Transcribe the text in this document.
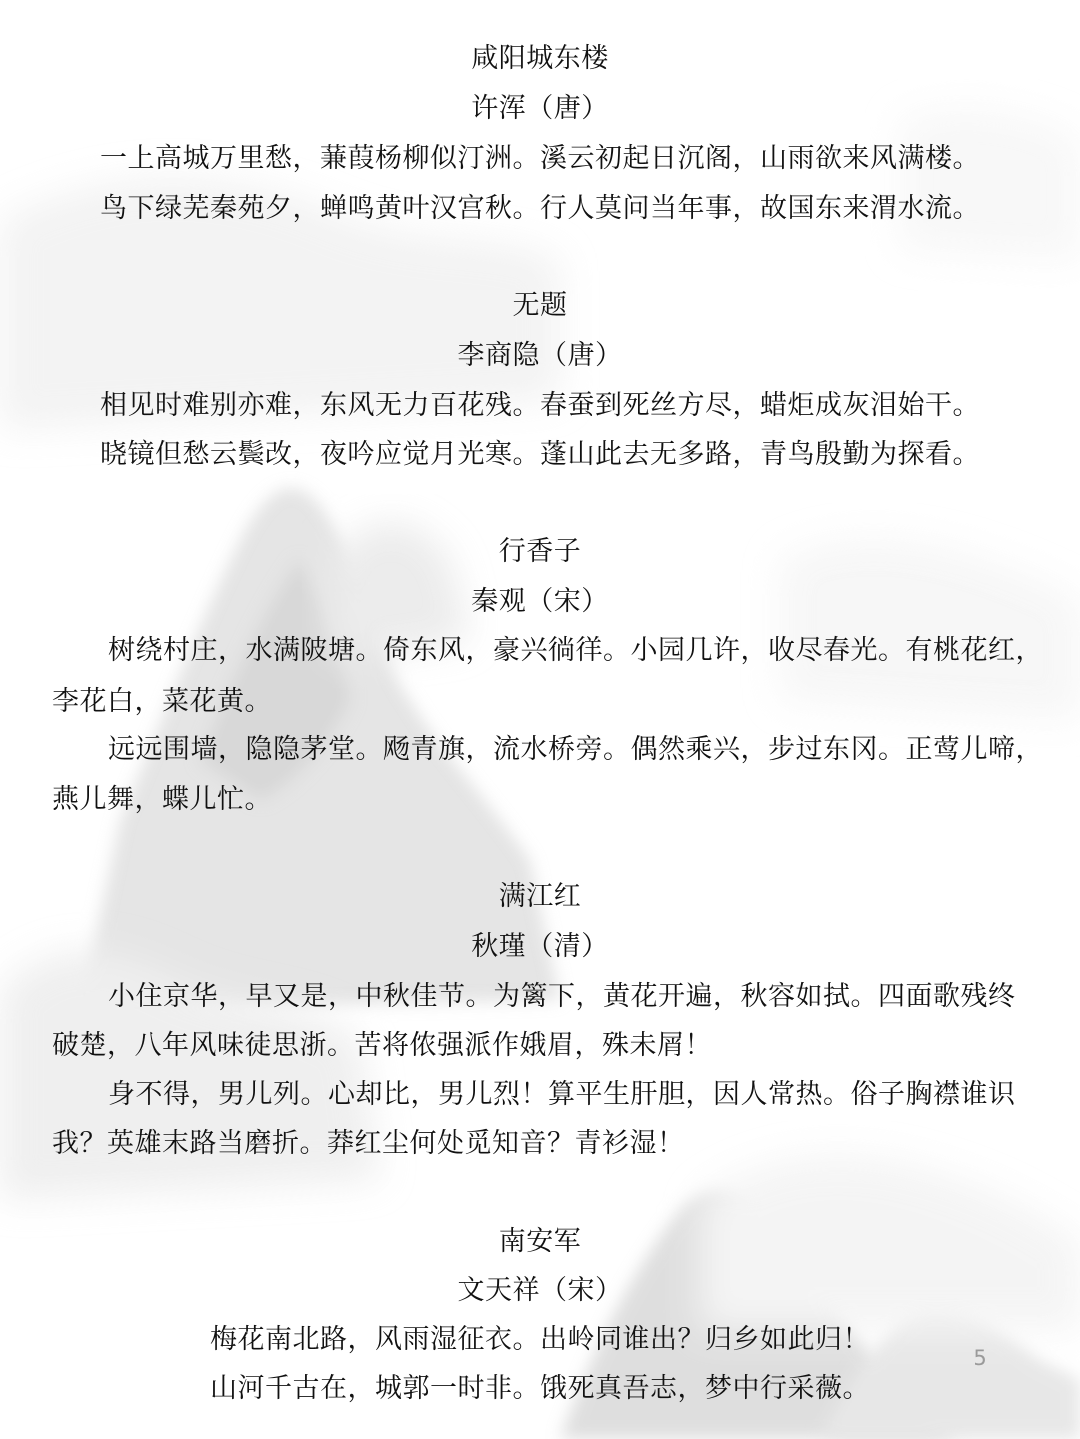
咸阳城东楼
许浑（唐）
一上高城万里愁，蒹葭杨柳似汀洲。溪云初起日沉阁，山雨欲来风满楼。
鸟下绿芜秦苑夕，蝉鸣黄叶汉宫秋。行人莫问当年事，故国东来渭水流。
无题
李商隐（唐）
相见时难别亦难，东风无力百花残。春蚕到死丝方尽，蜡炬成灰泪始干。
晓镜但愁云鬓改，夜吟应觉月光寒。蓬山此去无多路，青鸟殷勤为探看。
行香子
秦观（宋）
树绕村庄，水满陂塘。倚东风，豪兴徜徉。小园几许，收尽春光。有桃花红，
李花白，菜花黄。
远远围墙，隐隐茅堂。飏青旗，流水桥旁。偶然乘兴，步过东冈。正莺儿啼，
燕儿舞，蝶儿忙。
满江红
秋瑾（清）
小住京华，早又是，中秋佳节。为篱下，黄花开遍，秋容如拭。四面歌残终
破楚，八年风味徒思浙。苦将侬强派作娥眉，殊未屑！
身不得，男儿列。心却比，男儿烈！算平生肝胆，因人常热。俗子胸襟谁识
我？英雄末路当磨折。莽红尘何处觅知音？青衫湿！
南安军
文天祥（宋）
梅花南北路，风雨湿征衣。出岭同谁出？归乡如此归！
山河千古在，城郭一时非。饿死真吾志，梦中行采薇。
5
